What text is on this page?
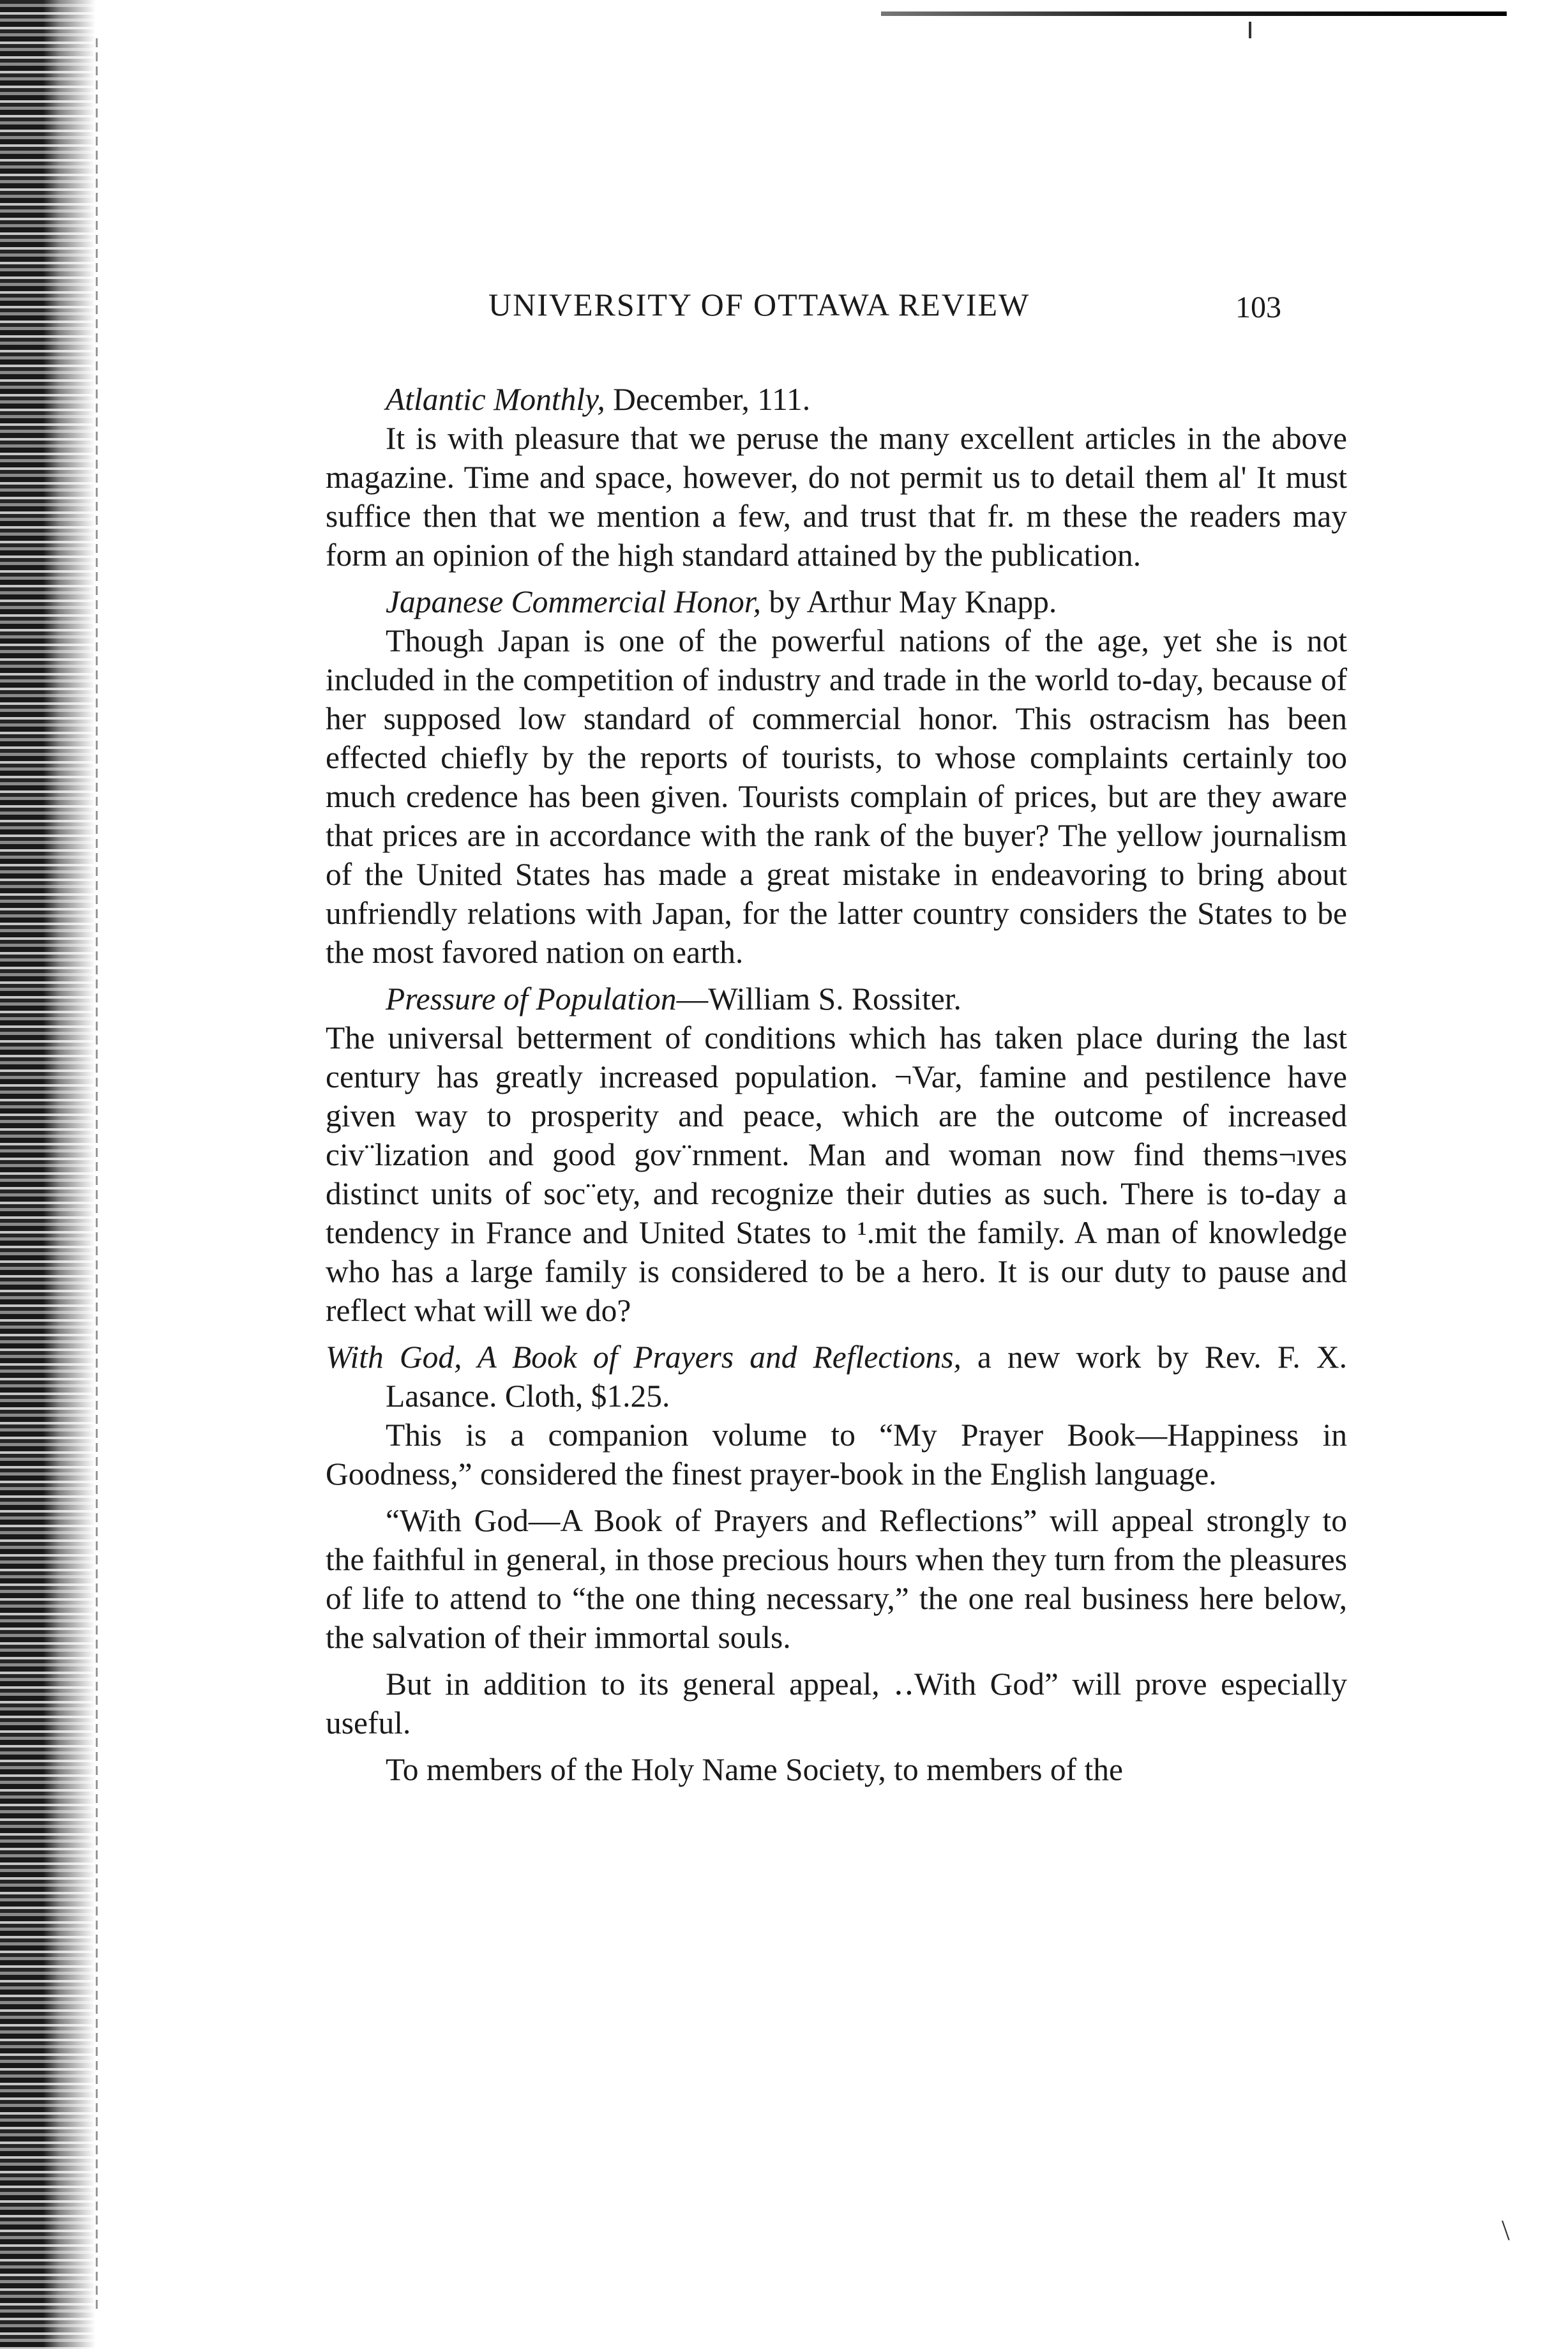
\
UNIVERSITY OF OTTAWA REVIEW	103

Atlantic Monthly, December, 111.

It is with pleasure that we peruse the many excellent articles in the above magazine. Time and space, however, do not permit us to detail them al' It must suffice then that we mention a few, and trust that fr. m these the readers may form an opinion of the high standard attained by the publication.

Japanese Commercial Honor, by Arthur May Knapp.

Though Japan is one of the powerful nations of the age, yet she is not included in the competition of industry and trade in the world to-day, because of her supposed low standard of commercial honor. This ostracism has been effected chiefly by the reports of tourists, to whose complaints certainly too much credence has been given. Tourists complain of prices, but are they aware that prices are in accordance with the rank of the buyer? The yellow journalism of the United States has made a great mistake in endeavoring to bring about unfriendly relations with Japan, for the latter country considers the States to be the most favored nation on earth.

Pressure of Population—William S. Rossiter.

The universal betterment of conditions which has taken place during the last century has greatly increased population. ¬Var, famine and pestilence have given way to prosperity and peace, which are the outcome of increased civ¨lization and good gov¨rnment. Man and woman now find thems¬ıves distinct units of soc¨ety, and recognize their duties as such. There is to-day a tendency in France and United States to ¹.mit the family. A man of knowledge who has a large family is considered to be a hero. It is our duty to pause and reflect what will we do?

With God, A Book of Prayers and Reflections, a new work by Rev. F. X. Lasance. Cloth, $1.25.

This is a companion volume to “My Prayer Book—Happiness in Goodness,” considered the finest prayer-book in the English language.

“With God—A Book of Prayers and Reflections” will appeal strongly to the faithful in general, in those precious hours when they turn from the pleasures of life to attend to “the one thing necessary,” the one real business here below, the salvation of their immortal souls.

But in addition to its general appeal, ‥With God” will prove especially useful.

To members of the Holy Name Society, to members of the
